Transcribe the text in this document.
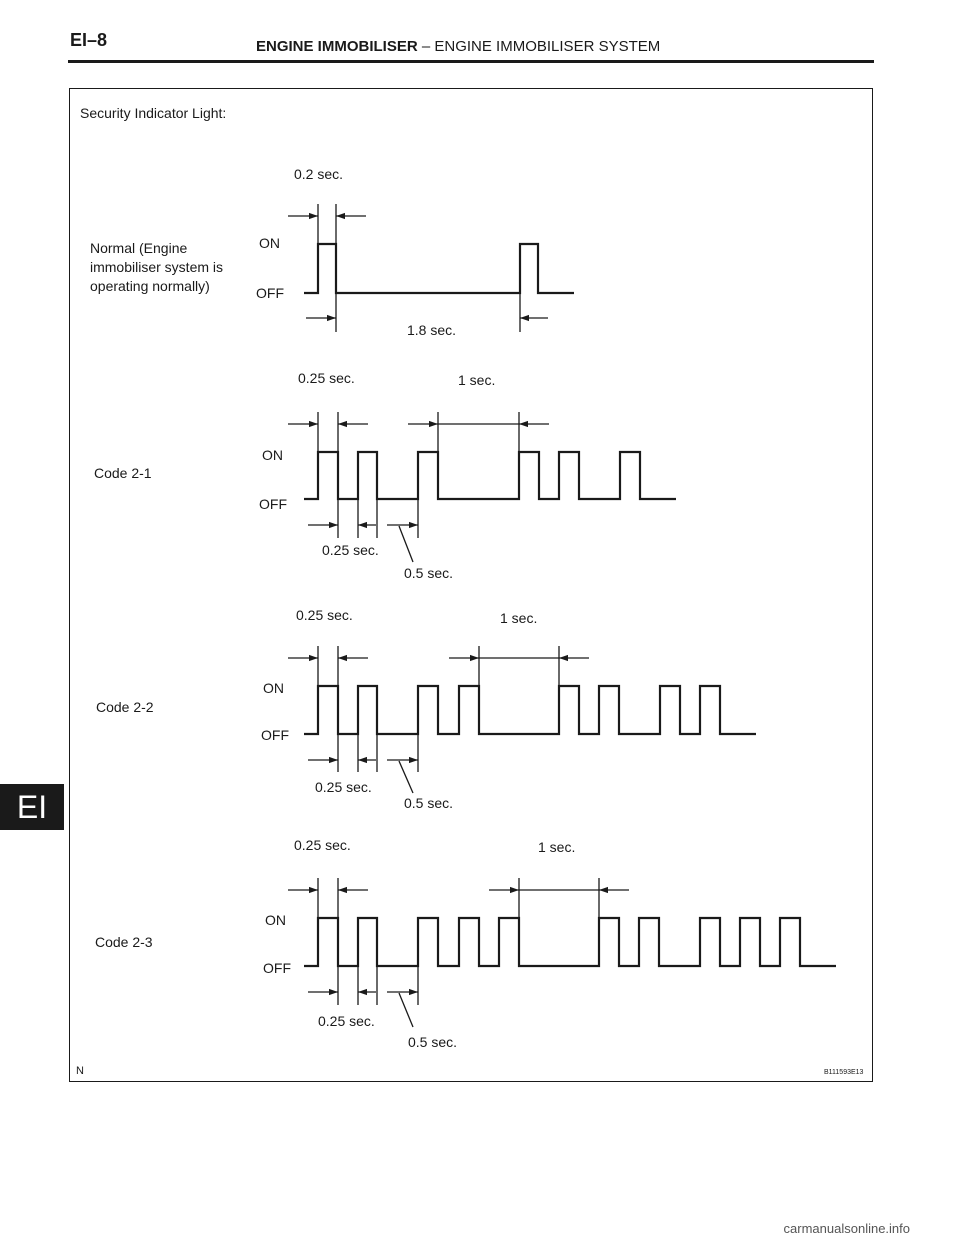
EI–8	ENGINE IMMOBILISER – ENGINE IMMOBILISER SYSTEM
EI
Security Indicator Light:
Normal (Engine
immobiliser system is
operating normally)
ON
OFF
0.2 sec.
1.8 sec.
Code 2-1
ON
OFF
0.25 sec.	1 sec.
0.25 sec.
0.5 sec.
Code 2-2
ON
OFF
0.25 sec.	1 sec.
0.25 sec.
0.5 sec.
Code 2-3
ON
OFF
0.25 sec.	1 sec.
0.25 sec.
0.5 sec.
N	B111593E13
carmanualsonline.info
